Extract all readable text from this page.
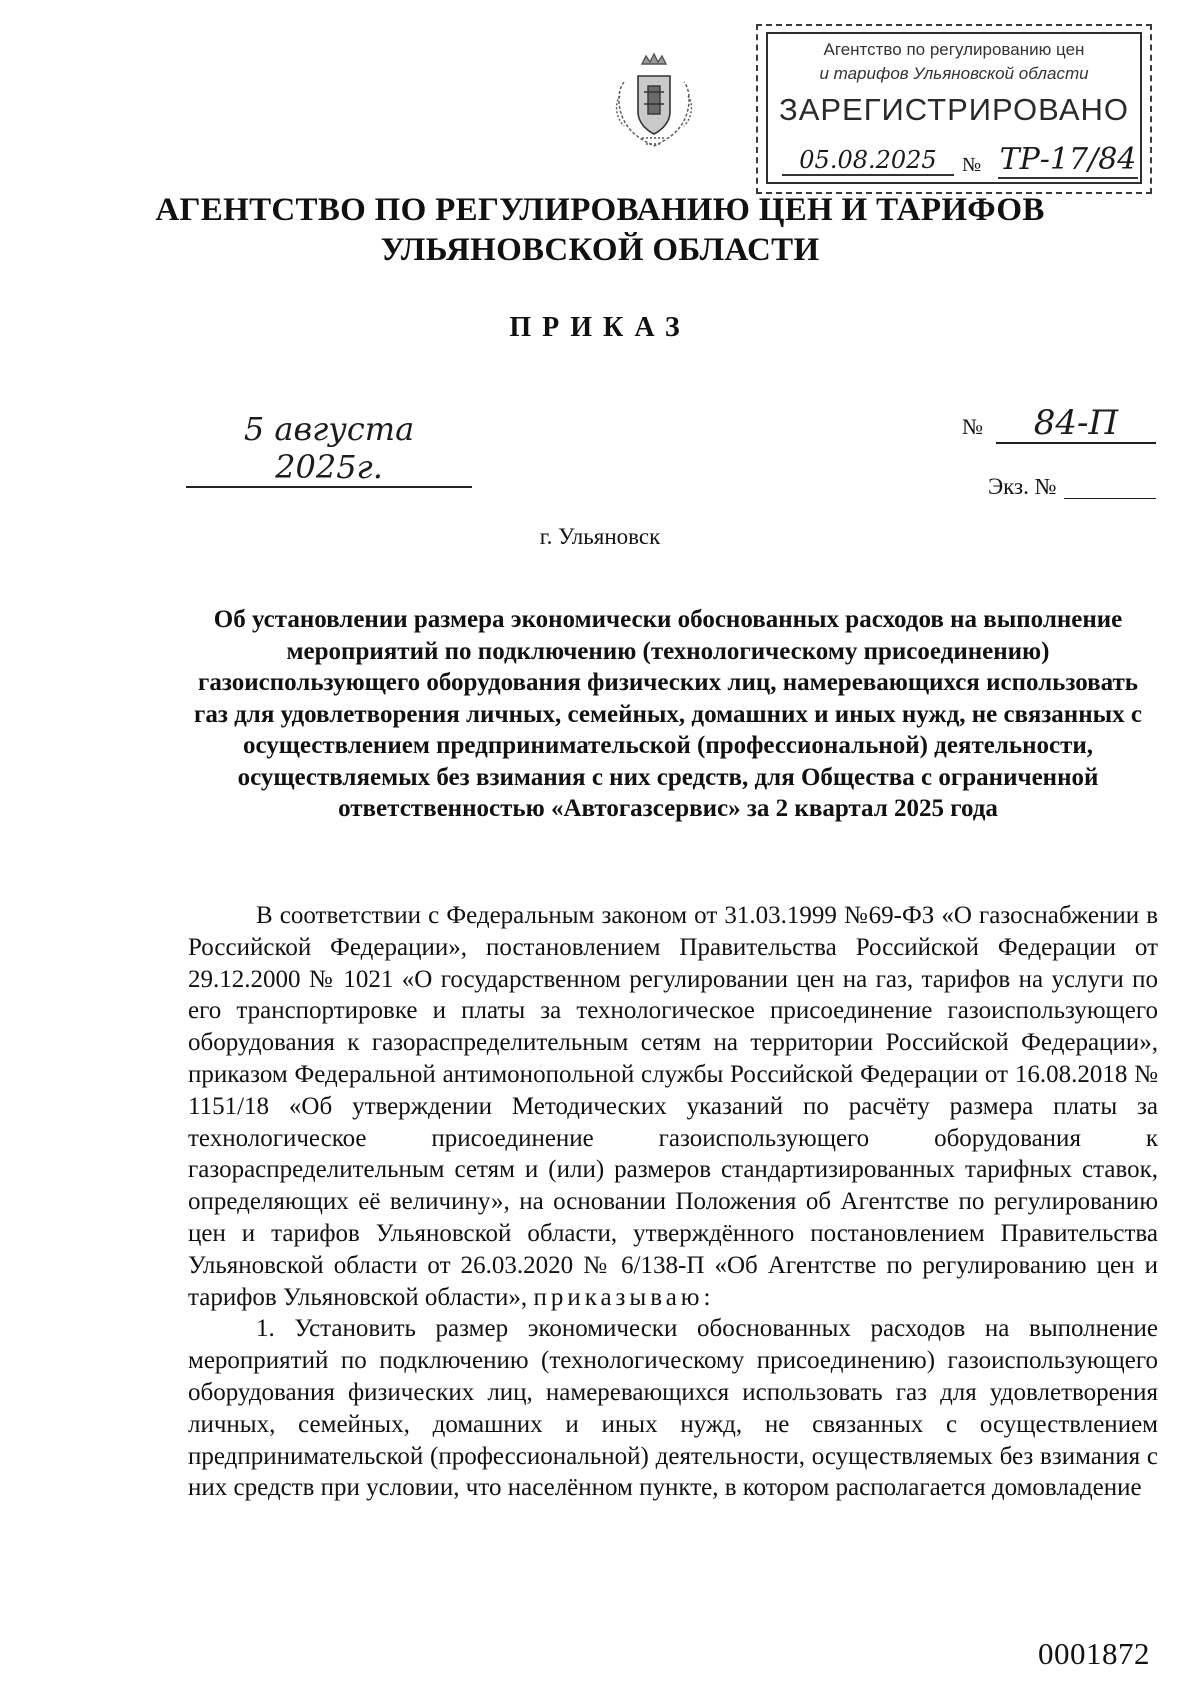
Агентство по регулированию цен
и тарифов Ульяновской области
ЗАРЕГИСТРИРОВАНО
05.08.2025	№ ТР-17/84
АГЕНТСТВО ПО РЕГУЛИРОВАНИЮ ЦЕН И ТАРИФОВ
УЛЬЯНОВСКОЙ ОБЛАСТИ
ПРИКАЗ
5 августа 2025г.
№	84-П
Экз. №
г. Ульяновск
Об установлении размера экономически обоснованных расходов на выполнение мероприятий по подключению (технологическому присоединению) газоиспользующего оборудования физических лиц, намеревающихся использовать газ для удовлетворения личных, семейных, домашних и иных нужд, не связанных с осуществлением предпринимательской (профессиональной) деятельности, осуществляемых без взимания с них средств, для Общества с ограниченной ответственностью «Автогазсервис» за 2 квартал 2025 года

В соответствии с Федеральным законом от 31.03.1999 №69-ФЗ «О газоснабжении в Российской Федерации», постановлением Правительства Российской Федерации от 29.12.2000 № 1021 «О государственном регулировании цен на газ, тарифов на услуги по его транспортировке и платы за технологическое присоединение газоиспользующего оборудования к газораспределительным сетям на территории Российской Федерации», приказом Федеральной антимонопольной службы Российской Федерации от 16.08.2018 № 1151/18 «Об утверждении Методических указаний по расчёту размера платы за технологическое присоединение газоиспользующего оборудования к газораспределительным сетям и (или) размеров стандартизированных тарифных ставок, определяющих её величину», на основании Положения об Агентстве по регулированию цен и тарифов Ульяновской области, утверждённого постановлением Правительства Ульяновской области от 26.03.2020 № 6/138-П «Об Агентстве по регулированию цен и тарифов Ульяновской области», приказываю:

1. Установить размер экономически обоснованных расходов на выполнение мероприятий по подключению (технологическому присоединению) газоиспользующего оборудования физических лиц, намеревающихся использовать газ для удовлетворения личных, семейных, домашних и иных нужд, не связанных с осуществлением предпринимательской (профессиональной) деятельности, осуществляемых без взимания с них средств при условии, что населённом пункте, в котором располагается домовладение

0001872
